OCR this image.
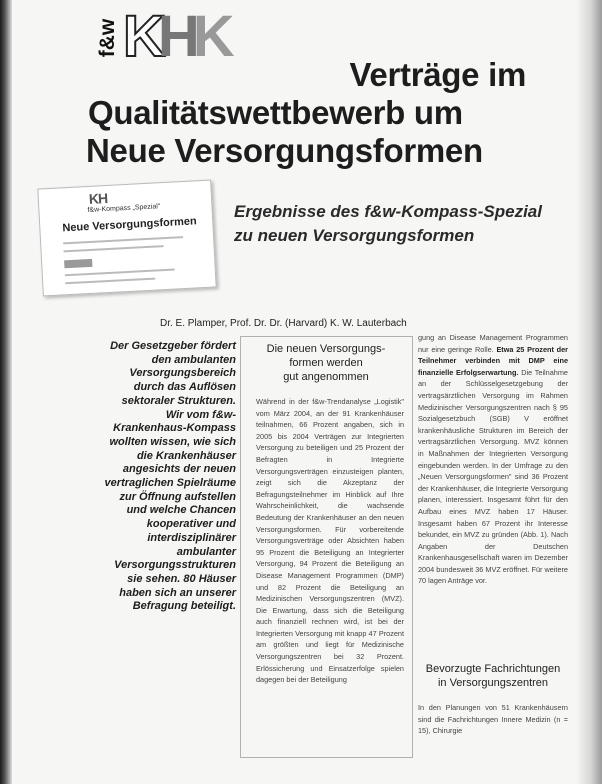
f&w KHK
Verträge im
Qualitätswettbewerb um
Neue Versorgungsformen
KH
f&w-Kompass „Spezial"
Neue Versorgungsformen
Ergebnisse des f&w-Kompass-Spezial
zu neuen Versorgungsformen
Dr. E. Plamper, Prof. Dr. Dr. (Harvard) K. W. Lauterbach
Der Gesetzgeber fördert den ambulanten Versorgungsbereich durch das Auflösen sektoraler Strukturen. Wir vom f&w-Krankenhaus-Kompass wollten wissen, wie sich die Krankenhäuser angesichts der neuen vertraglichen Spielräume zur Öffnung aufstellen und welche Chancen kooperativer und interdisziplinärer ambulanter Versorgungsstrukturen sie sehen. 80 Häuser haben sich an unserer Befragung beteiligt.
Die neuen Versorgungs-
formen werden
gut angenommen
Während in der f&w-Trendanalyse „Logistik" vom März 2004, an der 91 Krankenhäuser teilnahmen, 66 Prozent angaben, sich in 2005 bis 2004 Verträgen zur Integrierten Versorgung zu beteiligen und 25 Prozent der Befragten in Integrierte Versorgungsverträgen einzusteigen planten, zeigt sich die Akzeptanz der Befragungsteilnehmer im Hinblick auf Ihre Wahrscheinlichkeit, die wachsende Bedeutung der Krankenhäuser an den neuen Versorgungsformen. Für vorbereitende Versorgungsverträge oder Absichten haben 95 Prozent die Beteiligung an Integrierter Versorgung, 94 Prozent die Beteiligung an Disease Management Programmen (DMP) und 82 Prozent die Beteiligung an Medizinischen Versorgungszentren (MVZ). Die Erwartung, dass sich die Beteiligung auch finanziell rechnen wird, ist bei der Integrierten Versorgung mit knapp 47 Prozent am größten und liegt für Medizinische Versorgungszentren bei 32 Prozent. Erlössicherung und Einsatzerfolge spielen dagegen bei der Beteiligung
gung an Disease Management Programmen nur eine geringe Rolle. Etwa 25 Prozent der Teilnehmer verbinden mit DMP eine finanzielle Erfolgserwartung. Die Teilnahme an der Schlüsselgesetzgebung der vertragsärztlichen Versorgung im Rahmen Medizinischer Versorgungszentren nach § 95 Sozialgesetzbuch (SGB) V eröffnet krankenhäusliche Strukturen im Bereich der vertragsärztlichen Versorgung. MVZ können in Maßnahmen der Integrierten Versorgung eingebunden werden. In der Umfrage zu den „Neuen Versorgungsformen" sind 36 Prozent der Krankenhäuser, die Integrierte Versorgung planen, interessiert. Insgesamt führt für den Aufbau eines MVZ haben 17 Häuser. Insgesamt haben 67 Prozent ihr Interesse bekundet, ein MVZ zu gründen (Abb. 1). Nach Angaben der Deutschen Krankenhausgesellschaft waren im Dezember 2004 bundesweit 36 MVZ eröffnet. Für weitere 70 lagen Anträge vor.
Bevorzugte Fachrichtungen
in Versorgungszentren
In den Planungen von 51 Krankenhäusern sind die Fachrichtungen Innere Medizin (n = 15), Chirurgie
